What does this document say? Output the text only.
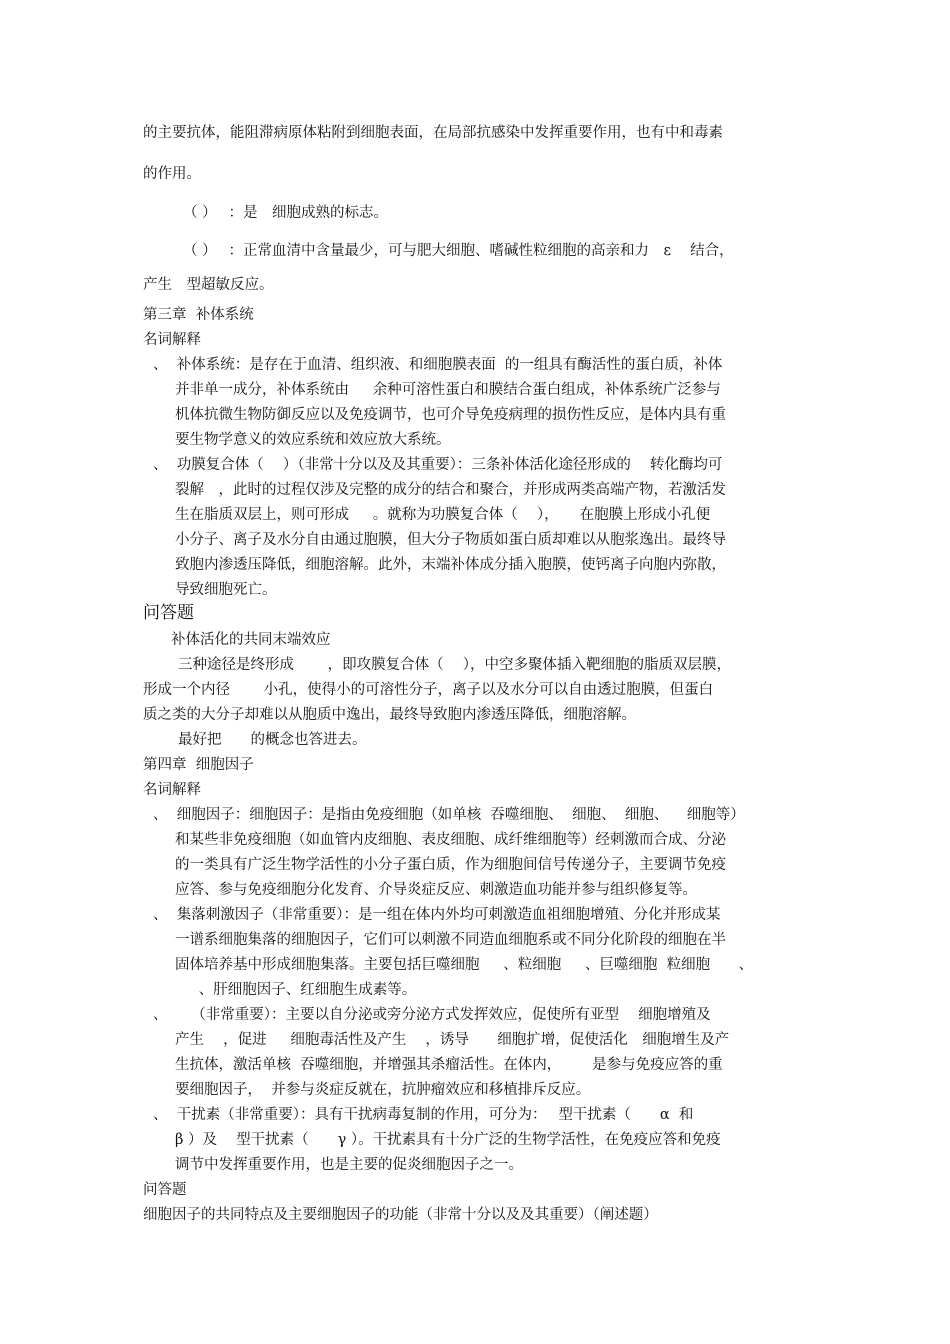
的主要抗体，能阻滞病原体粘附到细胞表面，在局部抗感染中发挥重要作用，也有中和毒素
的作用。
（ ）　 ：是　细胞成熟的标志。
（ ）　 ：正常血清中含量最少，可与肥大细胞、嗜碱性粒细胞的高亲和力　ε　 结合，
产生　型超敏反应。
第三章  补体系统
名词解释
、  补体系统：是存在于血清、组织液、和细胞膜表面  的一组具有酶活性的蛋白质，补体
并非单一成分，补体系统由　  余种可溶性蛋白和膜结合蛋白组成，补体系统广泛参与
机体抗微生物防御反应以及免疫调节，也可介导免疫病理的损伤性反应，是体内具有重
要生物学意义的效应系统和效应放大系统。
、  功膜复合体（　 ）（非常十分以及及其重要）：三条补体活化途径形成的　 转化酶均可
裂解　，此时的过程仅涉及完整的成分的结合和聚合，并形成两类高端产物，若激活发
生在脂质双层上，则可形成　  。就称为功膜复合体（　 ），　   在胞膜上形成小孔便
小分子、离子及水分自由通过胞膜，但大分子物质如蛋白质却难以从胞浆逸出。最终导
致胞内渗透压降低，细胞溶解。此外，末端补体成分插入胞膜，使钙离子向胞内弥散，
导致细胞死亡。
问答题
补体活化的共同末端效应
三种途径是终形成　　 ，即攻膜复合体（　 ），中空多聚体插入靶细胞的脂质双层膜，
形成一个内径　　 小孔，使得小的可溶性分子，离子以及水分可以自由透过胞膜，但蛋白
质之类的大分子却难以从胞质中逸出，最终导致胞内渗透压降低，细胞溶解。
最好把　　的概念也答进去。
第四章  细胞因子
名词解释
、  细胞因子：细胞因子：是指由免疫细胞（如单核  吞噬细胞、  细胞、  细胞、    细胞等）
和某些非免疫细胞（如血管内皮细胞、表皮细胞、成纤维细胞等）经刺激而合成、分泌
的一类具有广泛生物学活性的小分子蛋白质，作为细胞间信号传递分子，主要调节免疫
应答、参与免疫细胞分化发育、介导炎症反应、刺激造血功能并参与组织修复等。
、  集落刺激因子（非常重要）：是一组在体内外均可刺激造血祖细胞增殖、分化并形成某
一谱系细胞集落的细胞因子，它们可以刺激不同造血细胞系或不同分化阶段的细胞在半
固体培养基中形成细胞集落。主要包括巨噬细胞　  、粒细胞　  、巨噬细胞  粒细胞　   、
　  、肝细胞因子、红细胞生成素等。
、　  　（非常重要）：主要以自分泌或旁分泌方式发挥效应，促使所有亚型　 细胞增殖及
产生　 ，促进　  细胞毒活性及产生　 ，诱导　   细胞扩增，促使活化　细胞增生及产
生抗体，激活单核  吞噬细胞，并增强其杀瘤活性。在体内，　　  是参与免疫应答的重
要细胞因子，  并参与炎症反就在，抗肿瘤效应和移植排斥反应。
、  干扰素（非常重要）：具有干扰病毒复制的作用，可分为：　 型干扰素（　　α  和
β ）及　 型干扰素（　　γ ）。干扰素具有十分广泛的生物学活性，在免疫应答和免疫
调节中发挥重要作用，也是主要的促炎细胞因子之一。
问答题
细胞因子的共同特点及主要细胞因子的功能（非常十分以及及其重要）（阐述题）
